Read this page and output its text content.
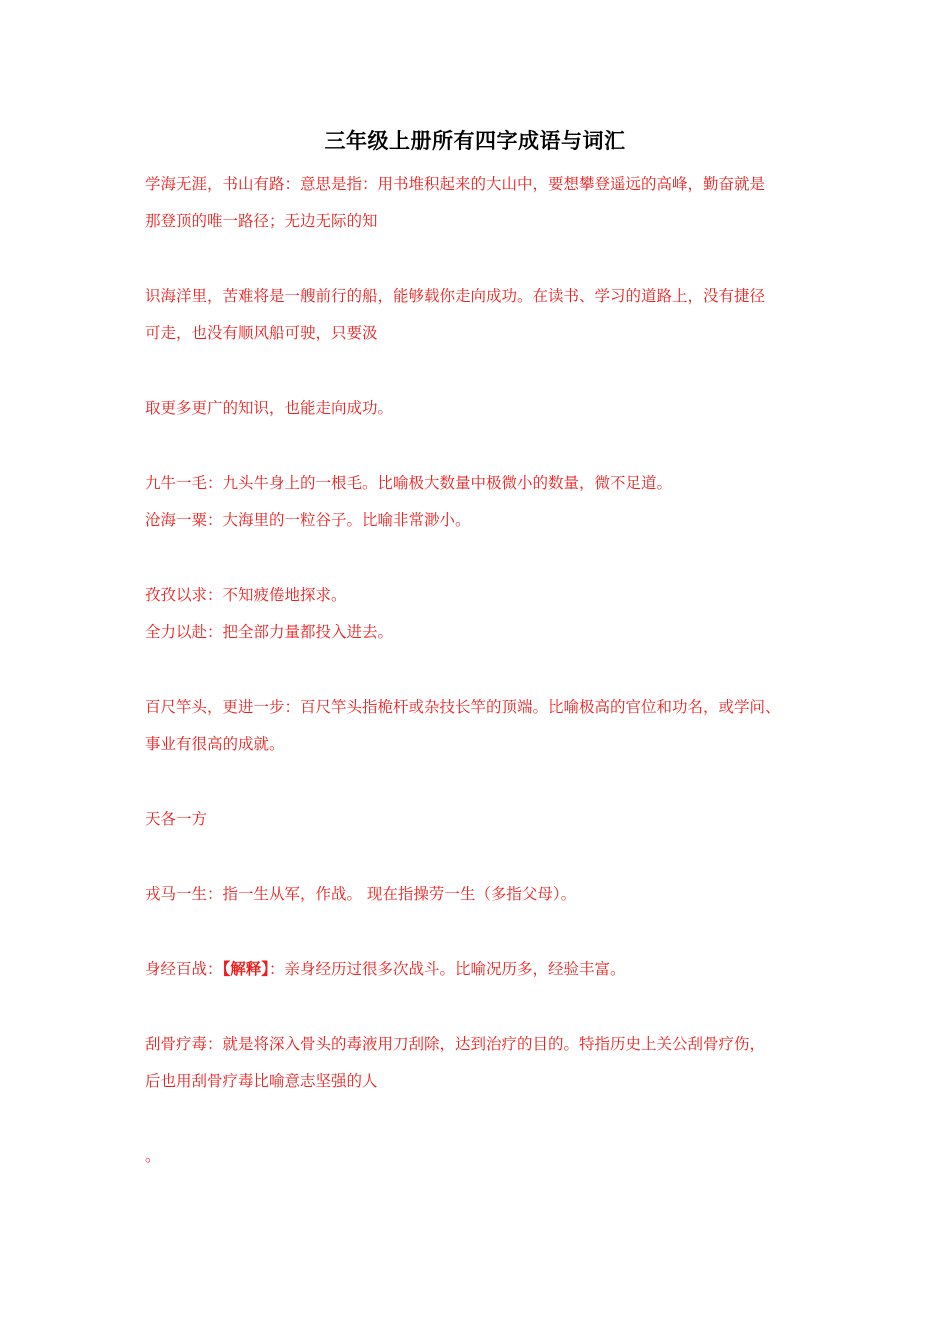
三年级上册所有四字成语与词汇
学海无涯，书山有路：意思是指：用书堆积起来的大山中，要想攀登遥远的高峰，勤奋就是
那登顶的唯一路径；无边无际的知
识海洋里，苦难将是一艘前行的船，能够载你走向成功。在读书、学习的道路上，没有捷径
可走，也没有顺风船可驶，只要汲
取更多更广的知识，也能走向成功。
九牛一毛：九头牛身上的一根毛。比喻极大数量中极微小的数量，微不足道。
沧海一粟：大海里的一粒谷子。比喻非常渺小。
孜孜以求：不知疲倦地探求。
全力以赴：把全部力量都投入进去。
百尺竿头，更进一步：百尺竿头指桅杆或杂技长竿的顶端。比喻极高的官位和功名，或学问、
事业有很高的成就。
天各一方
戎马一生：指一生从军，作战。 现在指操劳一生（多指父母）。
身经百战：【解释】：亲身经历过很多次战斗。比喻况历多，经验丰富。
刮骨疗毒：就是将深入骨头的毒液用刀刮除，达到治疗的目的。特指历史上关公刮骨疗伤，
后也用刮骨疗毒比喻意志坚强的人
。
